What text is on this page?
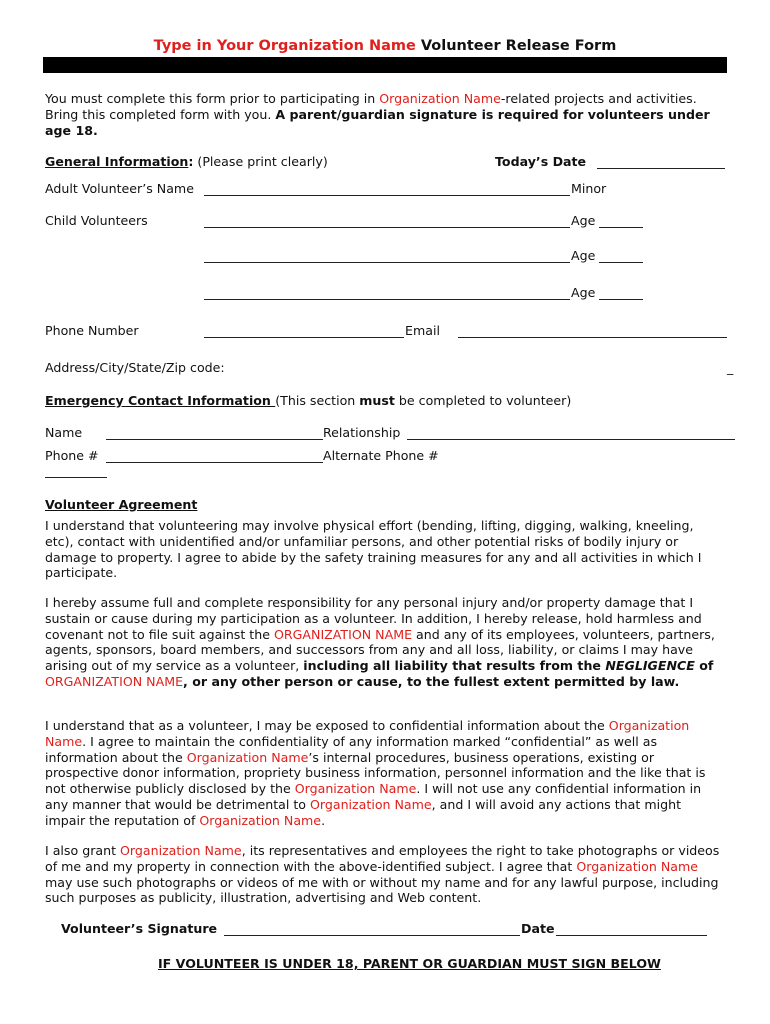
Type in Your Organization Name Volunteer Release Form
You must complete this form prior to participating in Organization Name-related projects and activities. Bring this completed form with you. A parent/guardian signature is required for volunteers under age 18.
General Information: (Please print clearly)	Today’s Date
Adult Volunteer’s Name	Minor
Child Volunteers	Age
Age
Age
Phone Number	Email
Address/City/State/Zip code:	_
Emergency Contact Information (This section must be completed to volunteer)
Name	Relationship
Phone #	Alternate Phone #
Volunteer Agreement
I understand that volunteering may involve physical effort (bending, lifting, digging, walking, kneeling, etc), contact with unidentified and/or unfamiliar persons, and other potential risks of bodily injury or damage to property. I agree to abide by the safety training measures for any and all activities in which I participate.
I hereby assume full and complete responsibility for any personal injury and/or property damage that I sustain or cause during my participation as a volunteer. In addition, I hereby release, hold harmless and covenant not to file suit against the ORGANIZATION NAME and any of its employees, volunteers, partners, agents, sponsors, board members, and successors from any and all loss, liability, or claims I may have arising out of my service as a volunteer, including all liability that results from the NEGLIGENCE of ORGANIZATION NAME, or any other person or cause, to the fullest extent permitted by law.
I understand that as a volunteer, I may be exposed to confidential information about the Organization Name. I agree to maintain the confidentiality of any information marked “confidential” as well as information about the Organization Name’s internal procedures, business operations, existing or prospective donor information, propriety business information, personnel information and the like that is not otherwise publicly disclosed by the Organization Name. I will not use any confidential information in any manner that would be detrimental to Organization Name, and I will avoid any actions that might impair the reputation of Organization Name.
I also grant Organization Name, its representatives and employees the right to take photographs or videos of me and my property in connection with the above-identified subject. I agree that Organization Name may use such photographs or videos of me with or without my name and for any lawful purpose, including such purposes as publicity, illustration, advertising and Web content.
Volunteer’s Signature	Date
IF VOLUNTEER IS UNDER 18, PARENT OR GUARDIAN MUST SIGN BELOW
